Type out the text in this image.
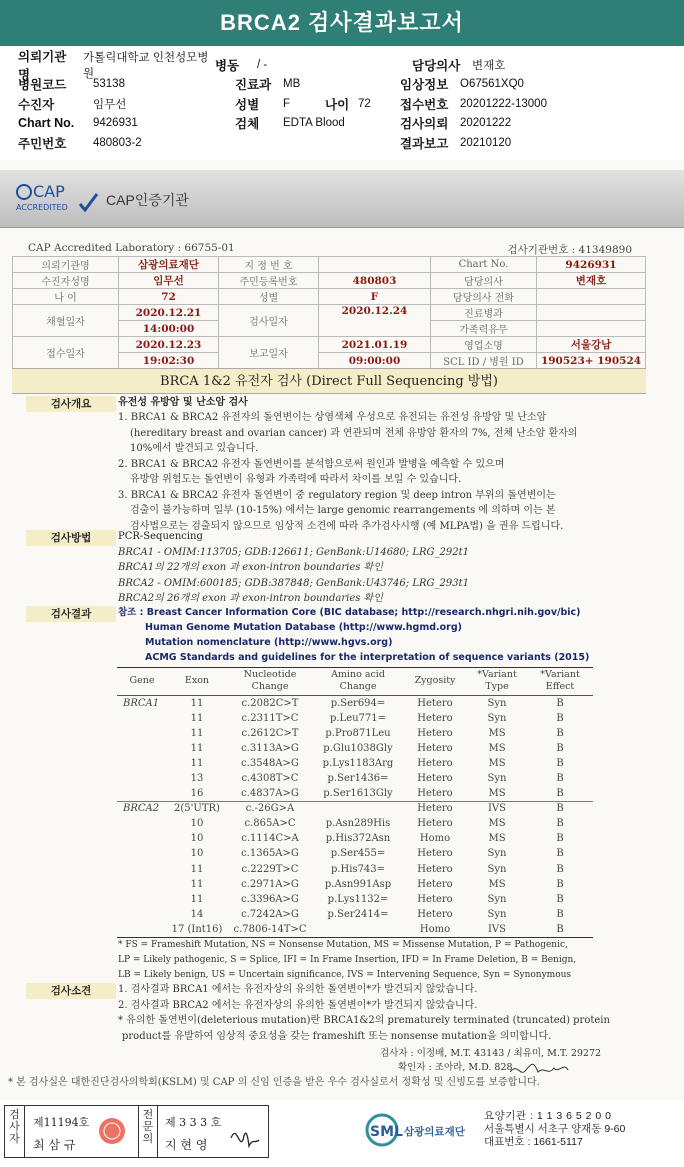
BRCA2 검사결과보고서
의뢰기관명
가톨릭대학교 인천성모병원
병동	/ -	담당의사	변재호
병원코드	53138	진료과	MB	임상정보	O67561XQ0
수진자	임무선	성별	F	나이 72	접수번호	20201222-13000
Chart No.	9426931	검체	EDTA Blood	검사의뢰	20201222
주민번호	480803-2	결과보고	20210120
CAP
ACCREDITED	CAP인증기관
CAP Accredited Laboratory : 66755-01	검사기관번호 : 41349890
의뢰기관명	삼광의료재단	지 정 번 호		Chart No.	9426931
수진자성명	임무선	주민등록번호	480803	담당의사	변재호
나 이	72	성별	F	담당의사 전화	
채혈일자	2020.12.21	검사일자	2020.12.24	진료병과	
	14:00:00			가족력유무	
접수일자	2020.12.23	보고일자	2021.01.19	영업소명	서울강남
	19:02:30		09:00:00	SCL ID / 병원 ID	190523+ 190524
BRCA 1&2 유전자 검사 (Direct Full Sequencing 방법)
검사개요	유전성 유방암 및 난소암 검사
1. BRCA1 & BRCA2 유전자의 돌연변이는 상염색체 우성으로 유전되는 유전성 유방암 및 난소암
(hereditary breast and ovarian cancer) 과 연관되며 전체 유방암 환자의 7%, 전체 난소암 환자의
10%에서 발견되고 있습니다.
2. BRCA1 & BRCA2 유전자 돌연변이를 분석함으로써 원인과 발병을 예측할 수 있으며
유방암 위험도는 돌연변이 유형과 가족력에 따라서 차이를 보일 수 있습니다.
3. BRCA1 & BRCA2 유전자 돌연변이 중 regulatory region 및 deep intron 부위의 돌연변이는
검출이 불가능하며 일부 (10-15%) 에서는 large genomic rearrangements 에 의하며 이는 본
검사법으로는 검출되지 않으므로 임상적 소견에 따라 추가검사시행 (예 MLPA법) 을 권유 드립니다.
검사방법	PCR-Sequencing
BRCA1 - OMIM:113705; GDB:126611; GenBank:U14680; LRG_292t1
BRCA1의 22개의 exon 과 exon-intron boundaries 확인
BRCA2 - OMIM:600185; GDB:387848; GenBank:U43746; LRG_293t1
BRCA2의 26개의 exon 과 exon-intron boundaries 확인
검사결과	참조 : Breast Cancer Information Core (BIC database; http://research.nhgri.nih.gov/bic)
Human Genome Mutation Database (http://www.hgmd.org)
Mutation nomenclature (http://www.hgvs.org)
ACMG Standards and guidelines for the interpretation of sequence variants (2015)
Gene	Exon	Nucleotide Change	Amino acid Change	Zygosity	*Variant Type	*Variant Effect
BRCA1	11	c.2082C>T	p.Ser694=	Hetero	Syn	B
	11	c.2311T>C	p.Leu771=	Hetero	Syn	B
	11	c.2612C>T	p.Pro871Leu	Hetero	MS	B
	11	c.3113A>G	p.Glu1038Gly	Hetero	MS	B
	11	c.3548A>G	p.Lys1183Arg	Hetero	MS	B
	13	c.4308T>C	p.Ser1436=	Hetero	Syn	B
	16	c.4837A>G	p.Ser1613Gly	Hetero	MS	B
BRCA2	2(5'UTR)	c.-26G>A		Hetero	IVS	B
	10	c.865A>C	p.Asn289His	Hetero	MS	B
	10	c.1114C>A	p.His372Asn	Homo	MS	B
	10	c.1365A>G	p.Ser455=	Hetero	Syn	B
	11	c.2229T>C	p.His743=	Hetero	Syn	B
	11	c.2971A>G	p.Asn991Asp	Hetero	MS	B
	11	c.3396A>G	p.Lys1132=	Hetero	Syn	B
	14	c.7242A>G	p.Ser2414=	Hetero	Syn	B
	17 (Int16)	c.7806-14T>C		Homo	IVS	B
* FS = Frameshift Mutation, NS = Nonsense Mutation, MS = Missense Mutation, P = Pathogenic,
LP = Likely pathogenic, S = Splice, IFI = In Frame Insertion, IFD = In Frame Deletion, B = Benign,
LB = Likely benign, US = Uncertain significance, IVS = Intervening Sequence, Syn = Synonymous
검사소견	1. 검사결과 BRCA1 에서는 유전자상의 유의한 돌연변이*가 발견되지 않았습니다.
2. 검사결과 BRCA2 에서는 유전자상의 유의한 돌연변이*가 발견되지 않았습니다.
* 유의한 돌연변이(deleterious mutation)란 BRCA1&2의 prematurely terminated (truncated) protein
product를 유발하여 임상적 중요성을 갖는 frameshift 또는 nonsense mutation을 의미합니다.
검사자 : 이정배, M.T. 43143 / 최유미, M.T. 29272
확인자 : 조아라, M.D. 828
* 본 검사실은 대한진단검사의학회(KSLM) 및 CAP 의 신임 인증을 받은 우수 검사실로서 정확성 및 신빙도를 보증합니다.
검사자
제11194호
최 삼 규
전문의
제 3 3 3 호
지 현 영
SML 삼광의료재단
요양기관 : 1 1 3 6 5 2 0 0
서울특별시 서초구 양재동 9-60
대표번호 : 1661-5117
